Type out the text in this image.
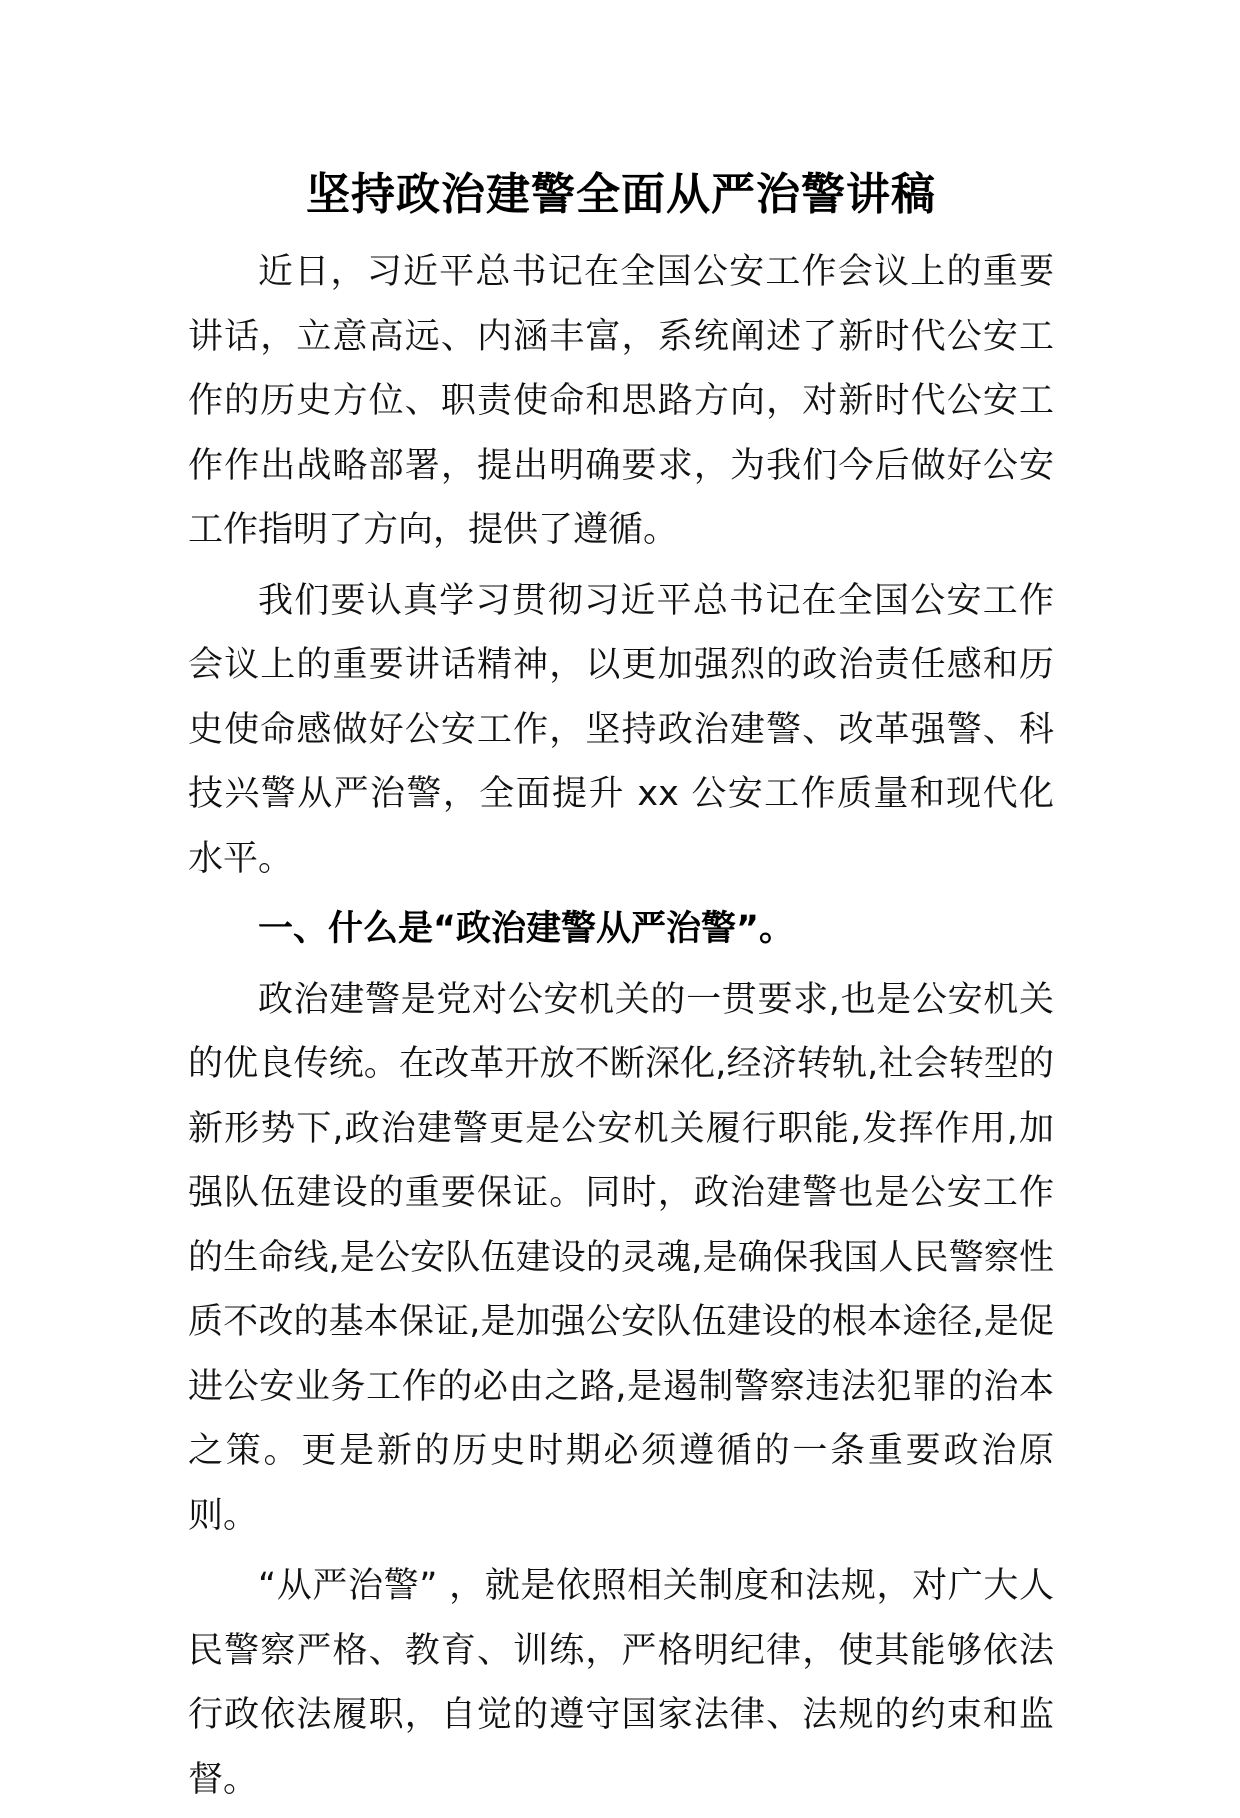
坚持政治建警全面从严治警讲稿

近日，习近平总书记在全国公安工作会议上的重要讲话，立意高远、内涵丰富，系统阐述了新时代公安工作的历史方位、职责使命和思路方向，对新时代公安工作作出战略部署，提出明确要求，为我们今后做好公安工作指明了方向，提供了遵循。

我们要认真学习贯彻习近平总书记在全国公安工作会议上的重要讲话精神，以更加强烈的政治责任感和历史使命感做好公安工作，坚持政治建警、改革强警、科技兴警从严治警，全面提升 xx 公安工作质量和现代化水平。

一、什么是“政治建警从严治警”。

政治建警是党对公安机关的一贯要求,也是公安机关的优良传统。在改革开放不断深化,经济转轨,社会转型的新形势下,政治建警更是公安机关履行职能,发挥作用,加强队伍建设的重要保证。同时，政治建警也是公安工作的生命线,是公安队伍建设的灵魂,是确保我国人民警察性质不改的基本保证,是加强公安队伍建设的根本途径,是促进公安业务工作的必由之路,是遏制警察违法犯罪的治本之策。更是新的历史时期必须遵循的一条重要政治原则。

“从严治警” ，就是依照相关制度和法规，对广大人民警察严格、教育、训练，严格明纪律，使其能够依法行政依法履职，自觉的遵守国家法律、法规的约束和监督。
